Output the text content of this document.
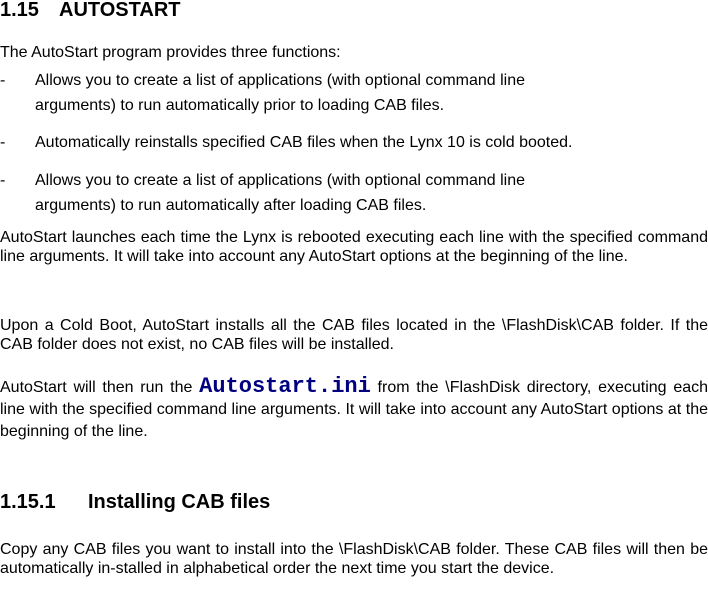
1.15 AUTOSTART
The AutoStart program provides three functions:
- Allows you to create a list of applications (with optional command line
arguments) to run automatically prior to loading CAB files.
- Automatically reinstalls specified CAB files when the Lynx 10 is cold booted.
- Allows you to create a list of applications (with optional command line
arguments) to run automatically after loading CAB files.
AutoStart launches each time the Lynx is rebooted executing each line with the specified command line arguments. It will take into account any AutoStart options at the beginning of the line.
Upon a Cold Boot, AutoStart installs all the CAB files located in the \FlashDisk\CAB folder. If the CAB folder does not exist, no CAB files will be installed.
AutoStart will then run the Autostart.ini from the \FlashDisk directory, executing each line with the specified command line arguments. It will take into account any AutoStart options at the beginning of the line.
1.15.1 Installing CAB files
Copy any CAB files you want to install into the \FlashDisk\CAB folder. These CAB files will then be automatically in-stalled in alphabetical order the next time you start the device.
